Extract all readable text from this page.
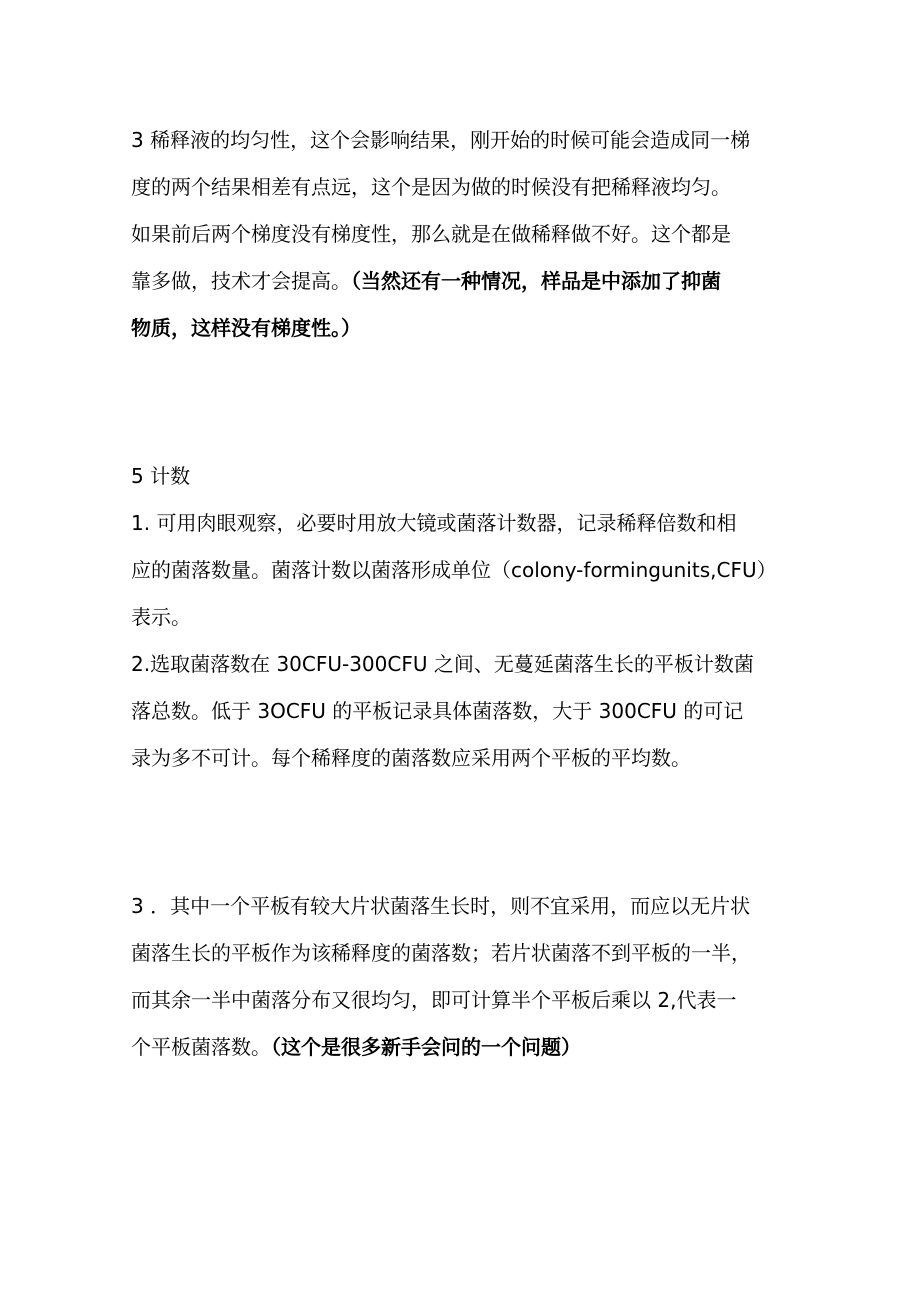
3 稀释液的均匀性，这个会影响结果，刚开始的时候可能会造成同一梯
度的两个结果相差有点远，这个是因为做的时候没有把稀释液均匀。
如果前后两个梯度没有梯度性，那么就是在做稀释做不好。这个都是
靠多做，技术才会提高。（当然还有一种情况，样品是中添加了抑菌
物质，这样没有梯度性。）

5 计数

1. 可用肉眼观察，必要时用放大镜或菌落计数器，记录稀释倍数和相
应的菌落数量。菌落计数以菌落形成单位（colony-formingunits,CFU）
表示。

2.选取菌落数在 30CFU-300CFU 之间、无蔓延菌落生长的平板计数菌
落总数。低于 3OCFU 的平板记录具体菌落数，大于 300CFU 的可记
录为多不可计。每个稀释度的菌落数应采用两个平板的平均数。

3 ．其中一个平板有较大片状菌落生长时，则不宜采用，而应以无片状
菌落生长的平板作为该稀释度的菌落数；若片状菌落不到平板的一半，
而其余一半中菌落分布又很均匀，即可计算半个平板后乘以 2,代表一
个平板菌落数。（这个是很多新手会问的一个问题）
